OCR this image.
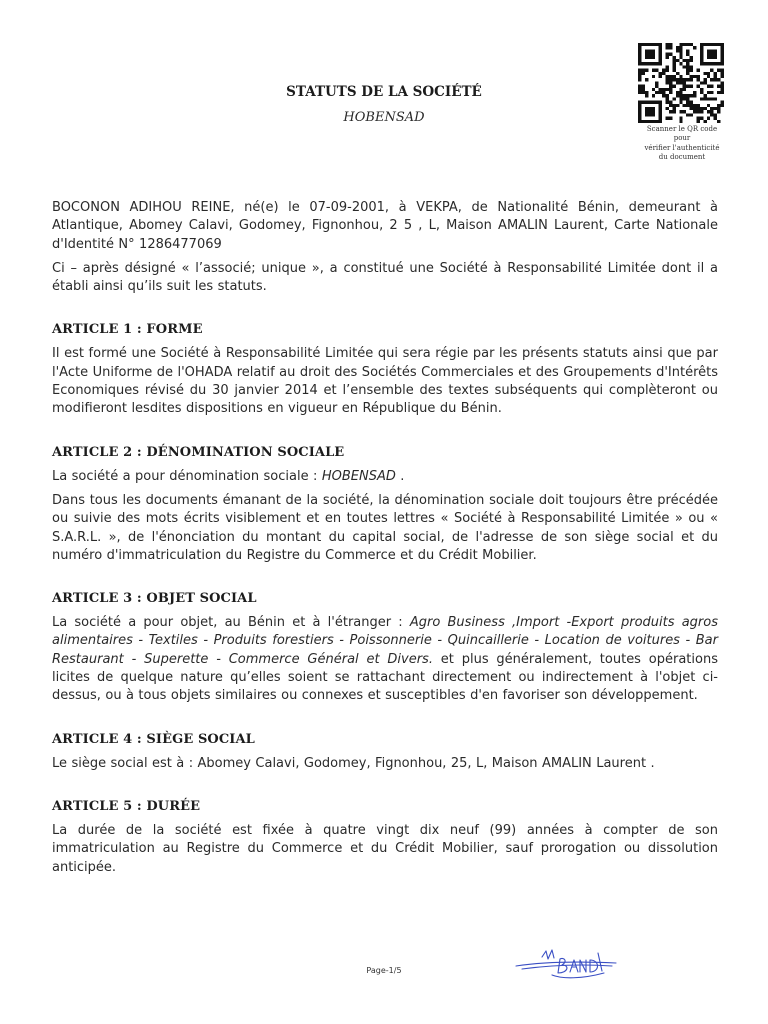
STATUTS DE LA SOCIÉTÉ
HOBENSAD
Scanner le QR code
pour
vérifier l'authenticité
du document

BOCONON ADIHOU REINE, né(e) le 07-09-2001, à VEKPA, de Nationalité Bénin, demeurant à Atlantique, Abomey Calavi, Godomey, Fignonhou, 2 5 , L, Maison AMALIN Laurent, Carte Nationale d'Identité N° 1286477069

Ci – après désigné « l’associé; unique », a constitué une Société à Responsabilité Limitée dont il a établi ainsi qu’ils suit les statuts.

ARTICLE 1 : FORME

Il est formé une Société à Responsabilité Limitée qui sera régie par les présents statuts ainsi que par l'Acte Uniforme de l'OHADA relatif au droit des Sociétés Commerciales et des Groupements d'Intérêts Economiques révisé du 30 janvier 2014 et l’ensemble des textes subséquents qui complèteront ou modifieront lesdites dispositions en vigueur en République du Bénin.

ARTICLE 2 : DÉNOMINATION SOCIALE

La société a pour dénomination sociale : HOBENSAD .

Dans tous les documents émanant de la société, la dénomination sociale doit toujours être précédée ou suivie des mots écrits visiblement et en toutes lettres « Société à Responsabilité Limitée » ou « S.A.R.L. », de l'énonciation du montant du capital social, de l'adresse de son siège social et du numéro d'immatriculation du Registre du Commerce et du Crédit Mobilier.

ARTICLE 3 : OBJET SOCIAL

La société a pour objet, au Bénin et à l'étranger : Agro Business ,Import -Export produits agros alimentaires - Textiles - Produits forestiers - Poissonnerie - Quincaillerie - Location de voitures - Bar Restaurant - Superette - Commerce Général et Divers. et plus généralement, toutes opérations licites de quelque nature qu’elles soient se rattachant directement ou indirectement à l'objet ci-dessus, ou à tous objets similaires ou connexes et susceptibles d'en favoriser son développement.

ARTICLE 4 : SIÈGE SOCIAL

Le siège social est à : Abomey Calavi, Godomey, Fignonhou, 25, L, Maison AMALIN Laurent .

ARTICLE 5 : DURÉE

La durée de la société est fixée à quatre vingt dix neuf (99) années à compter de son immatriculation au Registre du Commerce et du Crédit Mobilier, sauf prorogation ou dissolution anticipée.

Page-1/5
